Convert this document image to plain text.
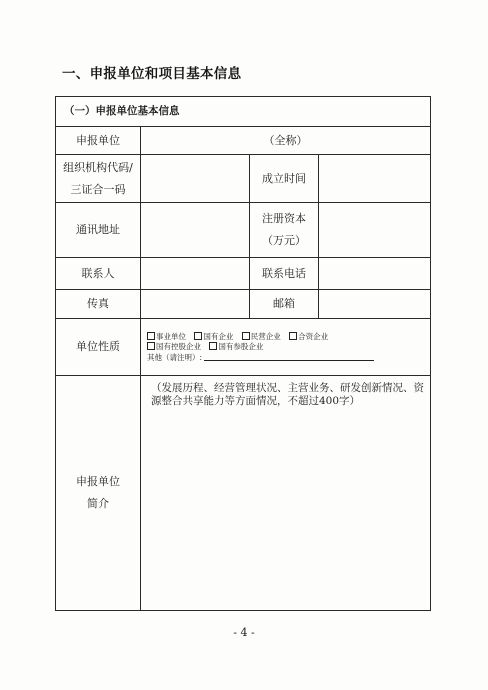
一、申报单位和项目基本信息
（一）申报单位基本信息			
申报单位	（全称）		

组织机构代码/
三证合一码		成立时间	
通讯地址		注册资本
（万元）	

联系人		联系电话	
传真		邮箱	
单位性质	事业单位 国有企业 民营企业 合资企业
国有控股企业 国有参股企业
其他（请注明）:		

申报单位
简介	（发展历程、经营管理状况、主营业务、研发创新情况、资源整合共享能力等方面情况，不超过400字）		
- 4 -
